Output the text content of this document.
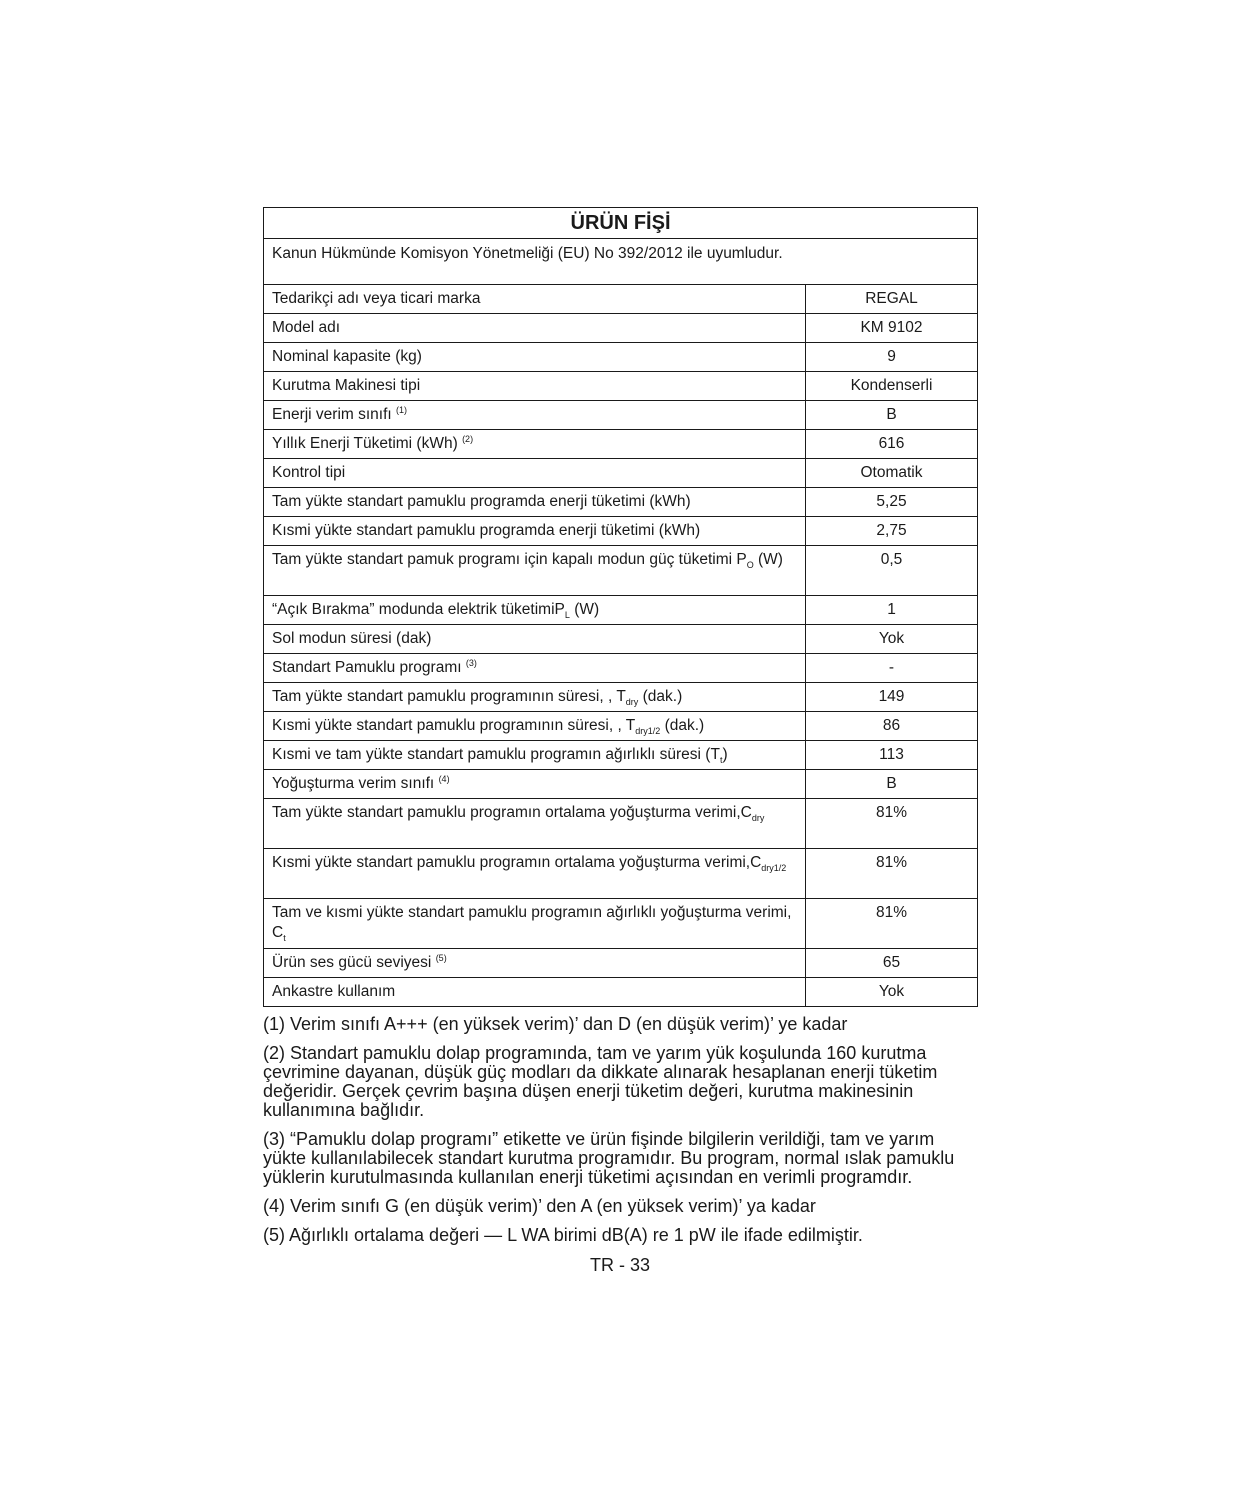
ÜRÜN FİŞİ	
Kanun Hükmünde Komisyon Yönetmeliği (EU) No 392/2012 ile uyumludur.	
Tedarikçi adı veya ticari marka	REGAL
Model adı	KM 9102
Nominal kapasite (kg)	9
Kurutma Makinesi tipi	Kondenserli
Enerji verim sınıfı $^{(1)}$	B
Yıllık Enerji Tüketimi (kWh) $^{(2)}$	616
Kontrol tipi	Otomatik
Tam yükte standart pamuklu programda enerji tüketimi (kWh)	5,25
Kısmi yükte standart pamuklu programda enerji tüketimi (kWh)	2,75
Tam yükte standart pamuk programı için kapalı modun güç tüketimi $P_O$ (W)	0,5
“Açık Bırakma” modunda elektrik tüketimiP$_L$ (W)	1
Sol modun süresi (dak)	Yok
Standart Pamuklu programı $^{(3)}$	-
Tam yükte standart pamuklu programının süresi, , $T_{dry}$ (dak.)	149
Kısmi yükte standart pamuklu programının süresi, , $T_{dry1/2}$ (dak.)	86
Kısmi ve tam yükte standart pamuklu programın ağırlıklı süresi $(T_t)$	113
Yoğuşturma verim sınıfı $^{(4)}$	B
Tam yükte standart pamuklu programın ortalama yoğuşturma $verimi,C_{dry}$	81%
Kısmi yükte standart pamuklu programın ortalama yoğuşturma $verimi,C_{dry1/2}$	81%
Tam ve kısmi yükte standart pamuklu programın ağırlıklı yoğuşturma verimi, $C_t$	81%
Ürün ses gücü seviyesi $^{(5)}$	65
Ankastre kullanım	Yok

(1) Verim sınıfı A+++ (en yüksek verim)’ dan D (en düşük verim)’ ye kadar

(2) Standart pamuklu dolap programında, tam ve yarım yük koşulunda 160 kurutma çevrimine dayanan, düşük güç modları da dikkate alınarak hesaplanan enerji tüketim değeridir. Gerçek çevrim başına düşen enerji tüketim değeri, kurutma makinesinin kullanımına bağlıdır.

(3) “Pamuklu dolap programı” etikette ve ürün fişinde bilgilerin verildiği, tam ve yarım yükte kullanılabilecek standart kurutma programıdır. Bu program, normal ıslak pamuklu yüklerin kurutulmasında kullanılan enerji tüketimi açısından en verimli programdır.

(4) Verim sınıfı G (en düşük verim)’ den A (en yüksek verim)’ ya kadar

(5) Ağırlıklı ortalama değeri — L WA birimi dB(A) re 1 pW ile ifade edilmiştir.

TR - 33
